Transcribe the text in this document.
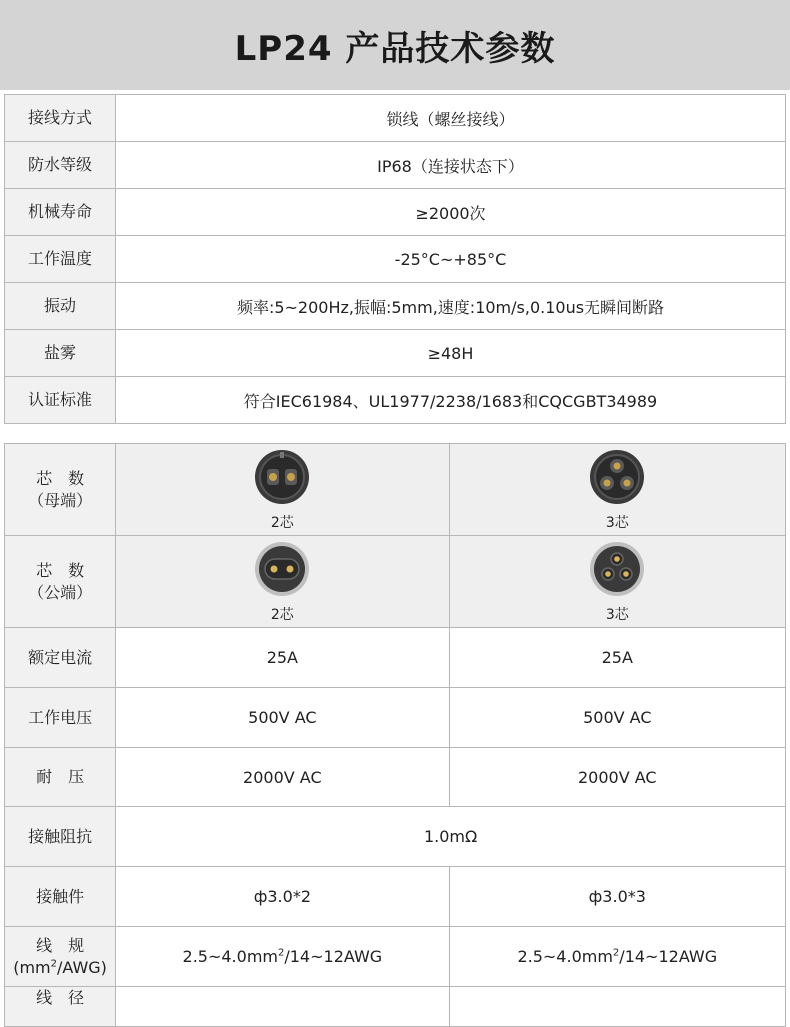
LP24 产品技术参数
接线方式	锁线（螺丝接线）
防水等级	IP68（连接状态下）
机械寿命	≥2000次
工作温度	-25°C~+85°C
振动	频率:5~200Hz,振幅:5mm,速度:10m/s,0.10us无瞬间断路
盐雾	≥48H
认证标准	符合IEC61984、UL1977/2238/1683和CQCGBT34989
芯　数
（母端）	2芯	3芯

芯　数
（公端）	2芯	3芯

额定电流	25A	25A
工作电压	500V AC	500V AC
耐　压	2000V AC	2000V AC
接触阻抗	1.0mΩ	
接触件	ф3.0*2	ф3.0*3

线　规
$(mm^2/AWG)$	$2.5\sim 4.0mm^2/14\sim 12AWG$	$2.5\sim 4.0mm^2/14\sim 12AWG$

线　径		
